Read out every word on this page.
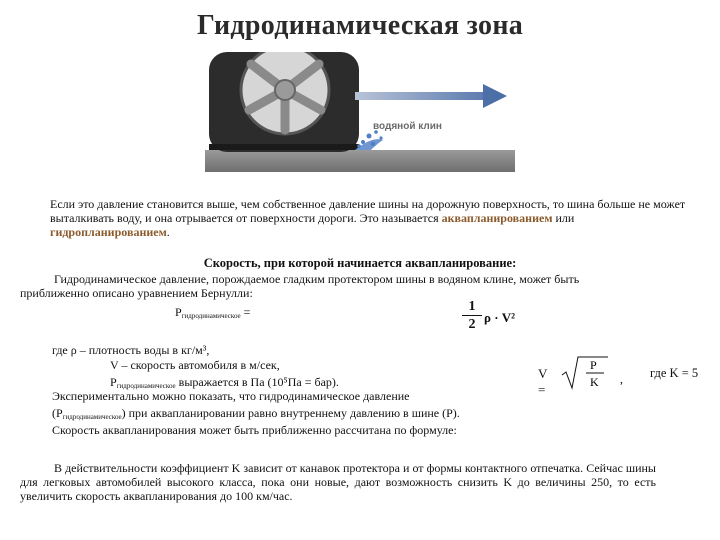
Гидродинамическая зона
водяной клин
Если это давление становится выше, чем собственное давление шины на дорожную поверхность, то шина больше не может выталкивать воду, и она отрывается от поверхности дороги. Это называется аквапланированием или гидропланированием.
Скорость, при которой начинается аквапланирование:
Гидродинамическое давление, порождаемое гладким протектором шины в водяном клине, может быть приближенно описано уравнением Бернулли:
$P_{гидродинамическое}$ =	$\frac{1}{2}$ ρ · V²
где ρ – плотность воды в кг/м³,
V – скорость автомобиля в м/сек,
$P_{гидродинамическое}$ выражается в Па (10⁵Па = бар).
Экспериментально можно показать, что гидродинамическое давление
$(P_{гидродинамическое})$ при аквапланировании равно внутреннему давлению в шине (P).
Скорость аквапланирования может быть приближенно рассчитана по формуле:
V =
P
K , где K = 5
В действительности коэффициент K зависит от канавок протектора и от формы контактного отпечатка. Сейчас шины для легковых автомобилей высокого класса, пока они новые, дают возможность снизить K до величины 250, то есть увеличить скорость аквапланирования до 100 км/час.
